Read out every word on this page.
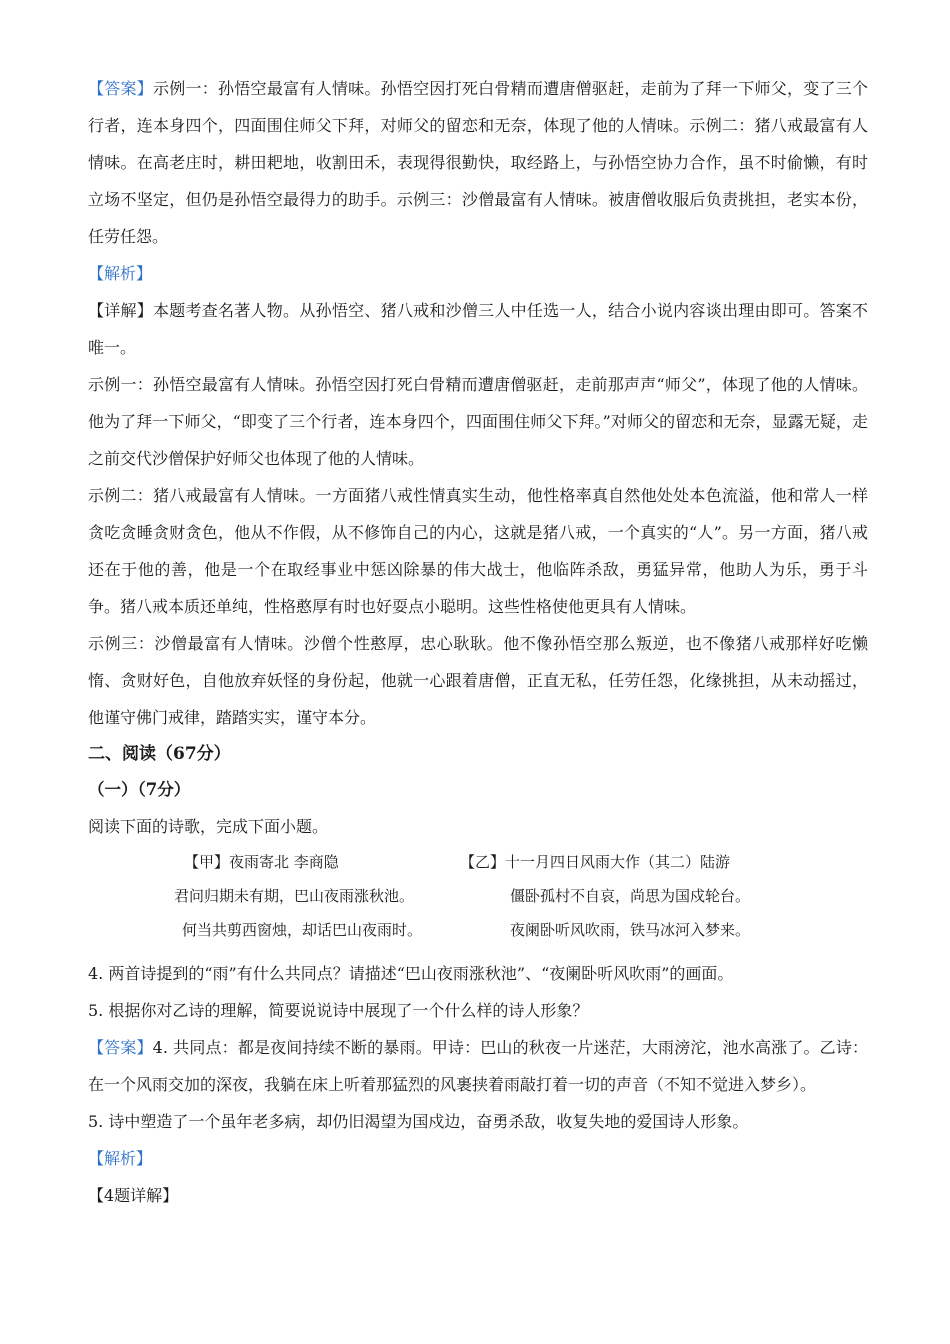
【答案】示例一：孙悟空最富有人情味。孙悟空因打死白骨精而遭唐僧驱赶，走前为了拜一下师父，变了三个行者，连本身四个，四面围住师父下拜，对师父的留恋和无奈，体现了他的人情味。示例二：猪八戒最富有人情味。在高老庄时，耕田耙地，收割田禾，表现得很勤快，取经路上，与孙悟空协力合作，虽不时偷懒，有时立场不坚定，但仍是孙悟空最得力的助手。示例三：沙僧最富有人情味。被唐僧收服后负责挑担，老实本份，任劳任怨。

【解析】

【详解】本题考查名著人物。从孙悟空、猪八戒和沙僧三人中任选一人，结合小说内容谈出理由即可。答案不唯一。

示例一：孙悟空最富有人情味。孙悟空因打死白骨精而遭唐僧驱赶，走前那声声“师父”，体现了他的人情味。他为了拜一下师父，“即变了三个行者，连本身四个，四面围住师父下拜。”对师父的留恋和无奈，显露无疑，走之前交代沙僧保护好师父也体现了他的人情味。

示例二：猪八戒最富有人情味。一方面猪八戒性情真实生动，他性格率真自然他处处本色流溢，他和常人一样贪吃贪睡贪财贪色，他从不作假，从不修饰自己的内心，这就是猪八戒，一个真实的“人”。另一方面，猪八戒还在于他的善，他是一个在取经事业中惩凶除暴的伟大战士，他临阵杀敌，勇猛异常，他助人为乐，勇于斗争。猪八戒本质还单纯，性格憨厚有时也好耍点小聪明。这些性格使他更具有人情味。

示例三：沙僧最富有人情味。沙僧个性憨厚，忠心耿耿。他不像孙悟空那么叛逆，也不像猪八戒那样好吃懒惰、贪财好色，自他放弃妖怪的身份起，他就一心跟着唐僧，正直无私，任劳任怨，化缘挑担，从未动摇过，他谨守佛门戒律，踏踏实实，谨守本分。

二、阅读（67分）

（一）（7分）

阅读下面的诗歌，完成下面小题。

【甲】夜雨寄北 李商隐
君问归期未有期，巴山夜雨涨秋池。
何当共剪西窗烛，却话巴山夜雨时。
【乙】十一月四日风雨大作（其二）陆游
僵卧孤村不自哀，尚思为国戍轮台。
夜阑卧听风吹雨，铁马冰河入梦来。

4. 两首诗提到的“雨”有什么共同点？请描述“巴山夜雨涨秋池”、“夜阑卧听风吹雨”的画面。

5. 根据你对乙诗的理解，简要说说诗中展现了一个什么样的诗人形象？

【答案】4. 共同点：都是夜间持续不断的暴雨。甲诗：巴山的秋夜一片迷茫，大雨滂沱，池水高涨了。乙诗：在一个风雨交加的深夜，我躺在床上听着那猛烈的风裹挟着雨敲打着一切的声音（不知不觉进入梦乡）。

5. 诗中塑造了一个虽年老多病，却仍旧渴望为国戍边，奋勇杀敌，收复失地的爱国诗人形象。

【解析】

【4题详解】
